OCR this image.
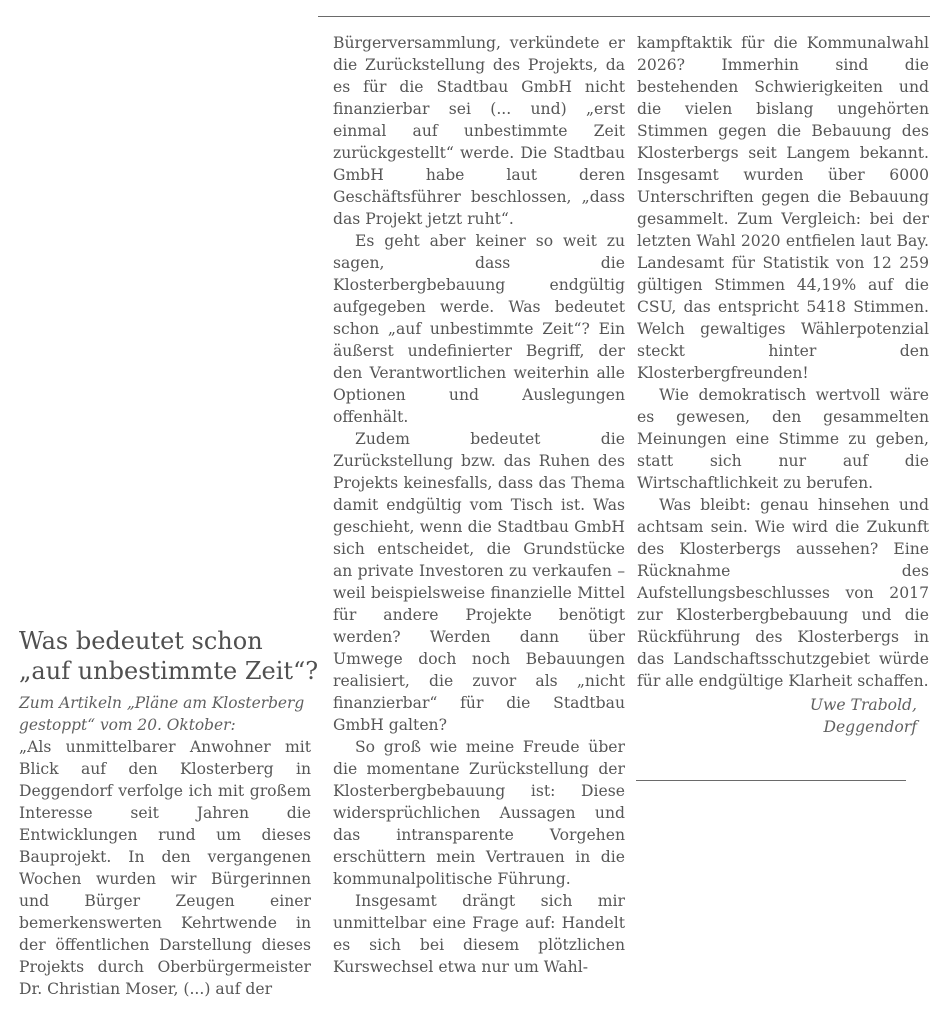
Was bedeutet schon „auf unbestimmte Zeit“?
Zum Artikeln „Pläne am Klosterberg gestoppt“ vom 20. Oktober:

„Als unmittelbarer Anwohner mit Blick auf den Klosterberg in Deggendorf verfolge ich mit großem Interesse seit Jahren die Entwicklungen rund um dieses Bauprojekt. In den vergangenen Wochen wurden wir Bürgerinnen und Bürger Zeugen einer bemerkenswerten Kehrtwende in der öffentlichen Darstellung dieses Projekts durch Oberbürgermeister Dr. Christian Moser, (...) auf der

Bürgerversammlung, verkündete er die Zurückstellung des Projekts, da es für die Stadtbau GmbH nicht finanzierbar sei (... und) „erst einmal auf unbestimmte Zeit zurückgestellt“ werde. Die Stadtbau GmbH habe laut deren Geschäftsführer beschlossen, „dass das Projekt jetzt ruht“.

Es geht aber keiner so weit zu sagen, dass die Klosterbergbebauung endgültig aufgegeben werde. Was bedeutet schon „auf unbestimmte Zeit“? Ein äußerst undefinierter Begriff, der den Verantwortlichen weiterhin alle Optionen und Auslegungen offenhält.

Zudem bedeutet die Zurückstellung bzw. das Ruhen des Projekts keinesfalls, dass das Thema damit endgültig vom Tisch ist. Was geschieht, wenn die Stadtbau GmbH sich entscheidet, die Grundstücke an private Investoren zu verkaufen – weil beispielsweise finanzielle Mittel für andere Projekte benötigt werden? Werden dann über Umwege doch noch Bebauungen realisiert, die zuvor als „nicht finanzierbar“ für die Stadtbau GmbH galten?

So groß wie meine Freude über die momentane Zurückstellung der Klosterbergbebauung ist: Diese widersprüchlichen Aussagen und das intransparente Vorgehen erschüttern mein Vertrauen in die kommunalpolitische Führung.

Insgesamt drängt sich mir unmittelbar eine Frage auf: Handelt es sich bei diesem plötzlichen Kurswechsel etwa nur um Wahl-

kampftaktik für die Kommunalwahl 2026? Immerhin sind die bestehenden Schwierigkeiten und die vielen bislang ungehörten Stimmen gegen die Bebauung des Klosterbergs seit Langem bekannt. Insgesamt wurden über 6000 Unterschriften gegen die Bebauung gesammelt. Zum Vergleich: bei der letzten Wahl 2020 entfielen laut Bay. Landesamt für Statistik von 12 259 gültigen Stimmen 44,19% auf die CSU, das entspricht 5418 Stimmen. Welch gewaltiges Wählerpotenzial steckt hinter den Klosterbergfreunden!

Wie demokratisch wertvoll wäre es gewesen, den gesammelten Meinungen eine Stimme zu geben, statt sich nur auf die Wirtschaftlichkeit zu berufen.

Was bleibt: genau hinsehen und achtsam sein. Wie wird die Zukunft des Klosterbergs aussehen? Eine Rücknahme des Aufstellungsbeschlusses von 2017 zur Klosterbergbebauung und die Rückführung des Klosterbergs in das Landschaftsschutzgebiet würde für alle endgültige Klarheit schaffen.

Uwe Trabold,
Deggendorf
